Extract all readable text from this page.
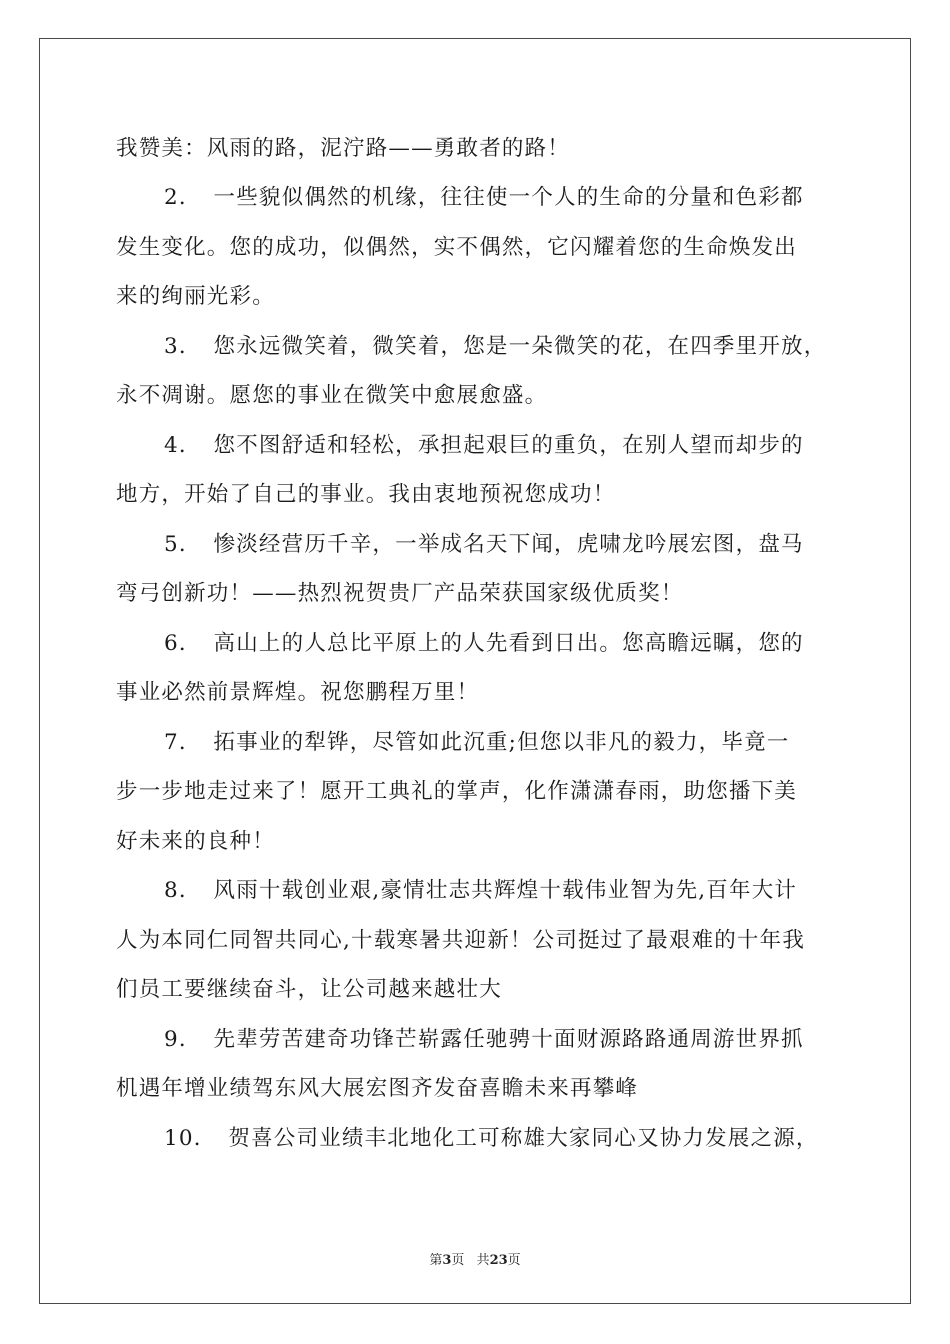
我赞美：风雨的路，泥泞路——勇敢者的路！
2．　一些貌似偶然的机缘，往往使一个人的生命的分量和色彩都
发生变化。您的成功，似偶然，实不偶然，它闪耀着您的生命焕发出
来的绚丽光彩。
3．　您永远微笑着，微笑着，您是一朵微笑的花，在四季里开放，
永不凋谢。愿您的事业在微笑中愈展愈盛。
4．　您不图舒适和轻松，承担起艰巨的重负，在别人望而却步的
地方，开始了自己的事业。我由衷地预祝您成功！
5．　惨淡经营历千辛，一举成名天下闻，虎啸龙吟展宏图，盘马
弯弓创新功！——热烈祝贺贵厂产品荣获国家级优质奖！
6．　高山上的人总比平原上的人先看到日出。您高瞻远瞩，您的
事业必然前景辉煌。祝您鹏程万里！
7．　拓事业的犁铧，尽管如此沉重;但您以非凡的毅力，毕竟一
步一步地走过来了！愿开工典礼的掌声，化作潇潇春雨，助您播下美
好未来的良种！
8．　风雨十载创业艰,豪情壮志共辉煌十载伟业智为先,百年大计
人为本同仁同智共同心,十载寒暑共迎新！公司挺过了最艰难的十年我
们员工要继续奋斗，让公司越来越壮大
9．　先辈劳苦建奇功锋芒崭露任驰骋十面财源路路通周游世界抓
机遇年增业绩驾东风大展宏图齐发奋喜瞻未来再攀峰
10．　贺喜公司业绩丰北地化工可称雄大家同心又协力发展之源，
第3页 共23页
